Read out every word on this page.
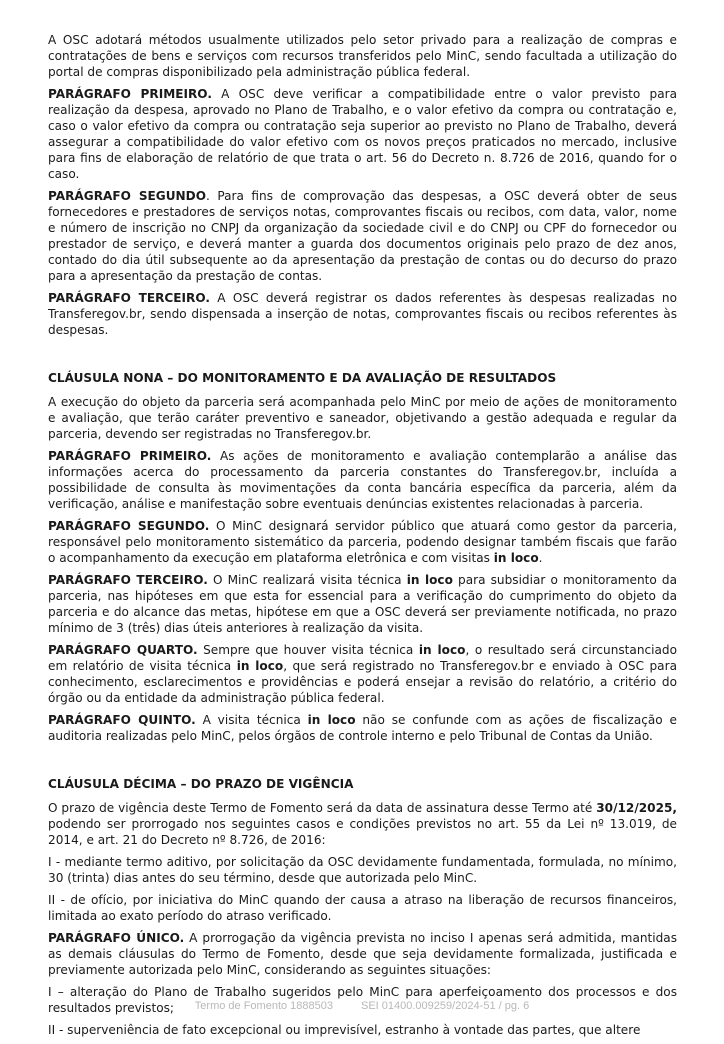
A OSC adotará métodos usualmente utilizados pelo setor privado para a realização de compras e contratações de bens e serviços com recursos transferidos pelo MinC, sendo facultada a utilização do portal de compras disponibilizado pela administração pública federal.

PARÁGRAFO PRIMEIRO. A OSC deve verificar a compatibilidade entre o valor previsto para realização da despesa, aprovado no Plano de Trabalho, e o valor efetivo da compra ou contratação e, caso o valor efetivo da compra ou contratação seja superior ao previsto no Plano de Trabalho, deverá assegurar a compatibilidade do valor efetivo com os novos preços praticados no mercado, inclusive para fins de elaboração de relatório de que trata o art. 56 do Decreto n. 8.726 de 2016, quando for o caso.

PARÁGRAFO SEGUNDO. Para fins de comprovação das despesas, a OSC deverá obter de seus fornecedores e prestadores de serviços notas, comprovantes fiscais ou recibos, com data, valor, nome e número de inscrição no CNPJ da organização da sociedade civil e do CNPJ ou CPF do fornecedor ou prestador de serviço, e deverá manter a guarda dos documentos originais pelo prazo de dez anos, contado do dia útil subsequente ao da apresentação da prestação de contas ou do decurso do prazo para a apresentação da prestação de contas.

PARÁGRAFO TERCEIRO. A OSC deverá registrar os dados referentes às despesas realizadas no Transferegov.br, sendo dispensada a inserção de notas, comprovantes fiscais ou recibos referentes às despesas.

CLÁUSULA NONA – DO MONITORAMENTO E DA AVALIAÇÃO DE RESULTADOS

A execução do objeto da parceria será acompanhada pelo MinC por meio de ações de monitoramento e avaliação, que terão caráter preventivo e saneador, objetivando a gestão adequada e regular da parceria, devendo ser registradas no Transferegov.br.

PARÁGRAFO PRIMEIRO. As ações de monitoramento e avaliação contemplarão a análise das informações acerca do processamento da parceria constantes do Transferegov.br, incluída a possibilidade de consulta às movimentações da conta bancária específica da parceria, além da verificação, análise e manifestação sobre eventuais denúncias existentes relacionadas à parceria.

PARÁGRAFO SEGUNDO. O MinC designará servidor público que atuará como gestor da parceria, responsável pelo monitoramento sistemático da parceria, podendo designar também fiscais que farão o acompanhamento da execução em plataforma eletrônica e com visitas in loco.

PARÁGRAFO TERCEIRO. O MinC realizará visita técnica in loco para subsidiar o monitoramento da parceria, nas hipóteses em que esta for essencial para a verificação do cumprimento do objeto da parceria e do alcance das metas, hipótese em que a OSC deverá ser previamente notificada, no prazo mínimo de 3 (três) dias úteis anteriores à realização da visita.

PARÁGRAFO QUARTO. Sempre que houver visita técnica in loco, o resultado será circunstanciado em relatório de visita técnica in loco, que será registrado no Transferegov.br e enviado à OSC para conhecimento, esclarecimentos e providências e poderá ensejar a revisão do relatório, a critério do órgão ou da entidade da administração pública federal.

PARÁGRAFO QUINTO. A visita técnica in loco não se confunde com as ações de fiscalização e auditoria realizadas pelo MinC, pelos órgãos de controle interno e pelo Tribunal de Contas da União.

CLÁUSULA DÉCIMA – DO PRAZO DE VIGÊNCIA

O prazo de vigência deste Termo de Fomento será da data de assinatura desse Termo até 30/12/2025, podendo ser prorrogado nos seguintes casos e condições previstos no art. 55 da Lei nº 13.019, de 2014, e art. 21 do Decreto nº 8.726, de 2016:

I - mediante termo aditivo, por solicitação da OSC devidamente fundamentada, formulada, no mínimo, 30 (trinta) dias antes do seu término, desde que autorizada pelo MinC.

II - de ofício, por iniciativa do MinC quando der causa a atraso na liberação de recursos financeiros, limitada ao exato período do atraso verificado.

PARÁGRAFO ÚNICO. A prorrogação da vigência prevista no inciso I apenas será admitida, mantidas as demais cláusulas do Termo de Fomento, desde que seja devidamente formalizada, justificada e previamente autorizada pelo MinC, considerando as seguintes situações:

I – alteração do Plano de Trabalho sugeridos pelo MinC para aperfeiçoamento dos processos e dos resultados previstos;

II - superveniência de fato excepcional ou imprevisível, estranho à vontade das partes, que altere

Termo de Fomento 1888503	SEI 01400.009259/2024-51 / pg. 6
